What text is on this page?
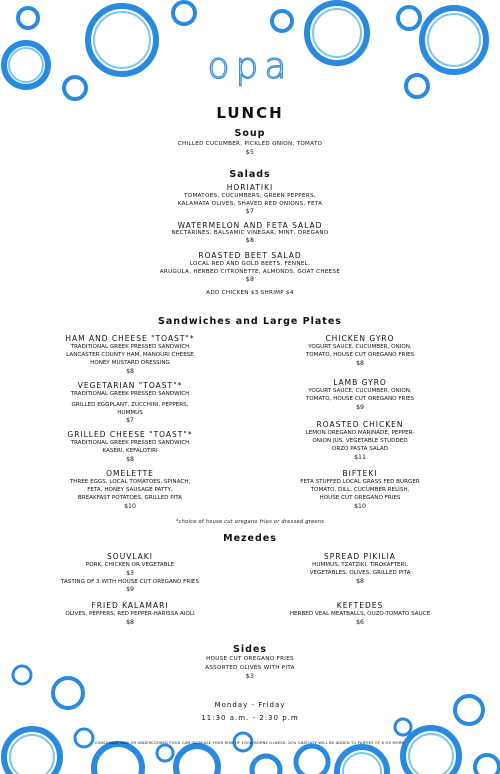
opa
LUNCH
Soup
CHILLED CUCUMBER, PICKLED ONION, TOMATO
$5
Salads
HORIATIKI
TOMATOES, CUCUMBERS, GREEN PEPPERS,
KALAMATA OLIVES, SHAVED RED ONIONS, FETA
$7
WATERMELON AND FETA SALAD
NECTARINES, BALSAMIC VINEGAR, MINT, OREGANO
$8
ROASTED BEET SALAD
LOCAL RED AND GOLD BEETS, FENNEL,
ARUGULA, HERBED CITRONETTE, ALMONDS, GOAT CHEESE
$8
ADD CHICKEN $3 SHRIMP $4
Sandwiches and Large Plates
HAM AND CHEESE "TOAST"*
TRADITIONAL GREEK PRESSED SANDWICH
LANCASTER COUNTY HAM, MANOURI CHEESE
HONEY MUSTARD DRESSING
$8
VEGETARIAN "TOAST"*
TRADITIONAL GREEK PRESSED SANDWICH
GRILLED EGGPLANT, ZUCCHINI, PEPPERS,
HUMMUS
$7
GRILLED CHEESE "TOAST"*
TRADITIONAL GREEK PRESSED SANDWICH
KASERI, KEFALOTIRI
$8
OMELETTE
THREE EGGS, LOCAL TOMATOES, SPINACH,
FETA, HONEY SAUSAGE PATTY,
BREAKFAST POTATOES, GRILLED PITA
$10
CHICKEN GYRO
YOGURT SAUCE, CUCUMBER, ONION,
TOMATO, HOUSE CUT OREGANO FRIES
$8
LAMB GYRO
YOGURT SAUCE, CUCUMBER, ONION,
TOMATO, HOUSE CUT OREGANO FRIES
$9
ROASTED CHICKEN
LEMON OREGANO MARINADE, PEPPER-
ONION JUS, VEGETABLE STUDDED
ORZO PASTA SALAD
$11
BIFTEKI
FETA STUFFED LOCAL GRASS FED BURGER
TOMATO, DILL, CUCUMBER RELISH,
HOUSE CUT OREGANO FRIES
$10
*choice of house cut oregano fries or dressed greens
Mezedes
SOUVLAKI
PORK, CHICKEN OR VEGETABLE
$3
TASTING OF 3 WITH HOUSE CUT OREGANO FRIES
$9
SPREAD PIKILIA
HUMMUS, TZATZIKI, TIROKAFTERI,
VEGETABLES, OLIVES, GRILLED PITA
$8
FRIED KALAMARI
OLIVES, PEPPERS, RED PEPPER-HARISSA AIOLI
$8
KEFTEDES
HERBED VEAL MEATBALLS, OUZO-TOMATO SAUCE
$6
Sides
HOUSE CUT OREGANO FRIES
ASSORTED OLIVES WITH PITA
$3
Monday - Friday
11:30 a.m. - 2:30 p.m
CONSUMING RAW OR UNDERCOOKED FOOD CAN INCREASE YOUR RISK OF FOOD BORNE ILLNESS. 20% GRATUITY WILL BE ADDED TO PARTIES OF 6 OR MORE.
